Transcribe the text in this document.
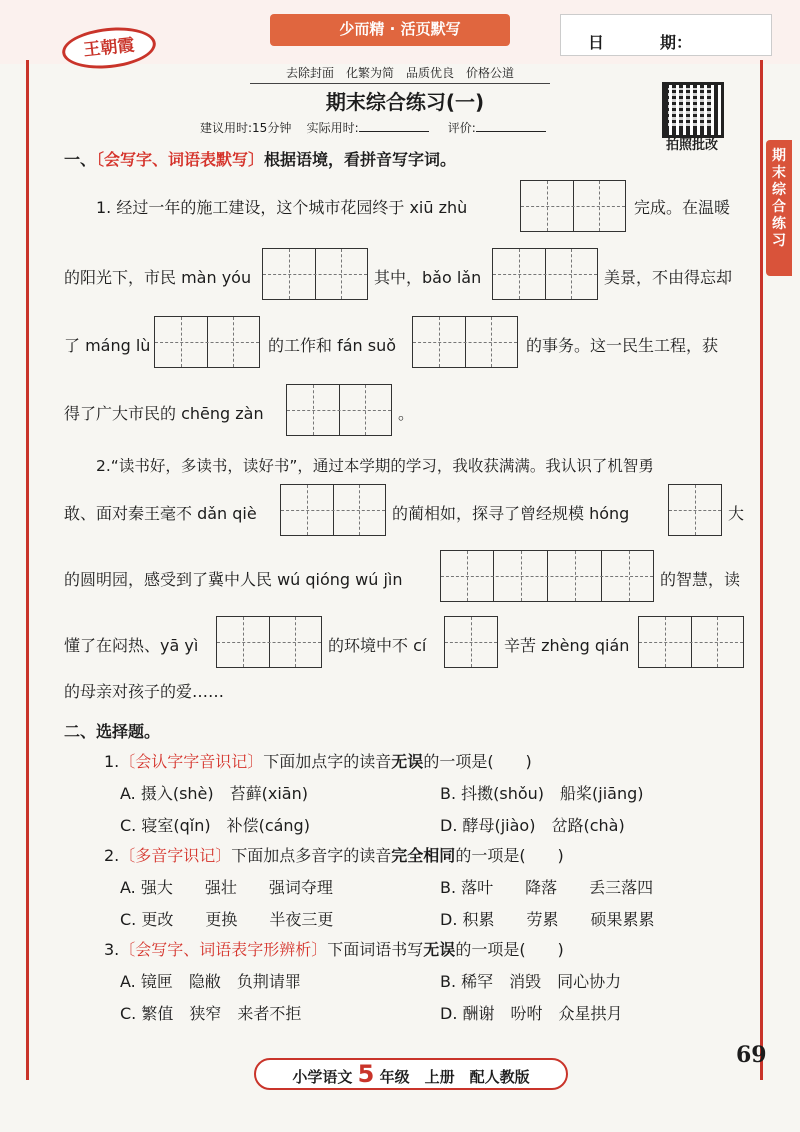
少而精 · 活页默写
王朝霞	日	期：
去除封面　化繁为简　品质优良　价格公道
期末综合练习(一)
建议用时:15分钟 实际用时:	评价:
拍照批改
期末综合练习
一、〔会写字、词语表默写〕根据语境，看拼音写字词。
1. 经过一年的施工建设，这个城市花园终于 xiū zhù	完成。在温暖
的阳光下，市民 màn yóu	其中，bǎo lǎn	美景，不由得忘却
了 máng lù	的工作和 fán suǒ	的事务。这一民生工程，获
得了广大市民的 chēng zàn	。
2.“读书好，多读书，读好书”，通过本学期的学习，我收获满满。我认识了机智勇
敢、面对秦王毫不 dǎn qiè	的蔺相如，探寻了曾经规模 hóng	大
的圆明园，感受到了冀中人民 wú qióng wú jìn	的智慧，读
懂了在闷热、yā yì	的环境中不 cí	辛苦 zhèng qián
的母亲对孩子的爱……
二、选择题。
1.〔会认字字音识记〕下面加点字的读音无误的一项是(　　)
A. 摄入(shè)　苔藓(xiān)	B. 抖擞(shǒu)　船桨(jiāng)
C. 寝室(qǐn)　补偿(cáng)	D. 酵母(jiào)　岔路(chà)
2.〔多音字识记〕下面加点多音字的读音完全相同的一项是(　　)
A. 强大　　强壮　　强词夺理	B. 落叶　　降落　　丢三落四
C. 更改　　更换　　半夜三更	D. 积累　　劳累　　硕果累累
3.〔会写字、词语表字形辨析〕下面词语书写无误的一项是(　　)
A. 镜匣　隐敝　负荆请罪	B. 稀罕　消毁　同心协力
C. 繁值　狭窄　来者不拒	D. 酬谢　吩咐　众星拱月
小学语文 5 年级　上册　配人教版
69
